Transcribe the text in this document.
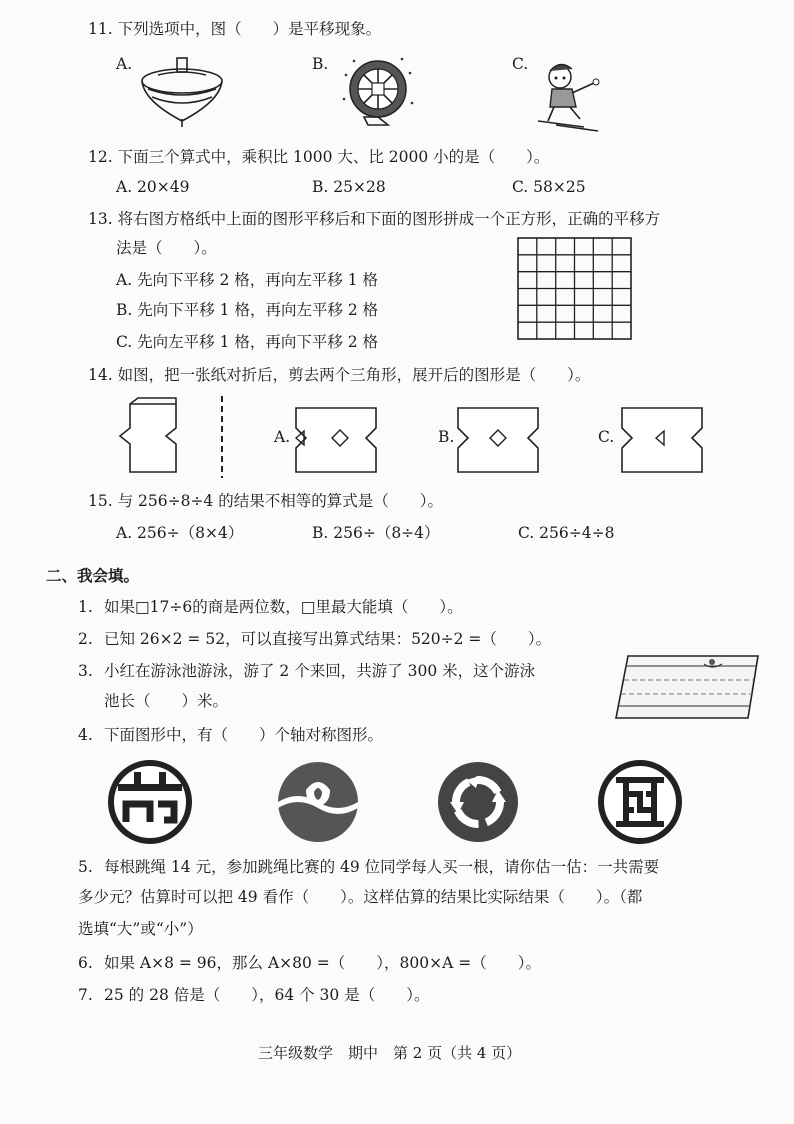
11. 下列选项中，图（　　）是平移现象。
A.	B.	C.
12. 下面三个算式中，乘积比 1000 大、比 2000 小的是（　　）。
A. 20×49	B. 25×28	C. 58×25
13. 将右图方格纸中上面的图形平移后和下面的图形拼成一个正方形，正确的平移方
法是（　　）。
A. 先向下平移 2 格，再向左平移 1 格
B. 先向下平移 1 格，再向左平移 2 格
C. 先向左平移 1 格，再向下平移 2 格
14. 如图，把一张纸对折后，剪去两个三角形，展开后的图形是（　　）。
A.	B.	C.
15. 与 256÷8÷4 的结果不相等的算式是（　　）。
A. 256÷（8×4）	B. 256÷（8÷4）	C. 256÷4÷8
二、我会填。
1. 如果□17÷6的商是两位数，□里最大能填（　　）。
2. 已知 26×2 = 52，可以直接写出算式结果：520÷2 =（　　）。
3. 小红在游泳池游泳，游了 2 个来回，共游了 300 米，这个游泳
池长（　　）米。
4. 下面图形中，有（　　）个轴对称图形。
5. 每根跳绳 14 元，参加跳绳比赛的 49 位同学每人买一根，请你估一估：一共需要
多少元？估算时可以把 49 看作（　　）。这样估算的结果比实际结果（　　）。（都
选填“大”或“小”）
6. 如果 A×8 = 96，那么 A×80 =（　　），800×A =（　　）。
7. 25 的 28 倍是（　　），64 个 30 是（　　）。
三年级数学　期中　第 2 页（共 4 页）
